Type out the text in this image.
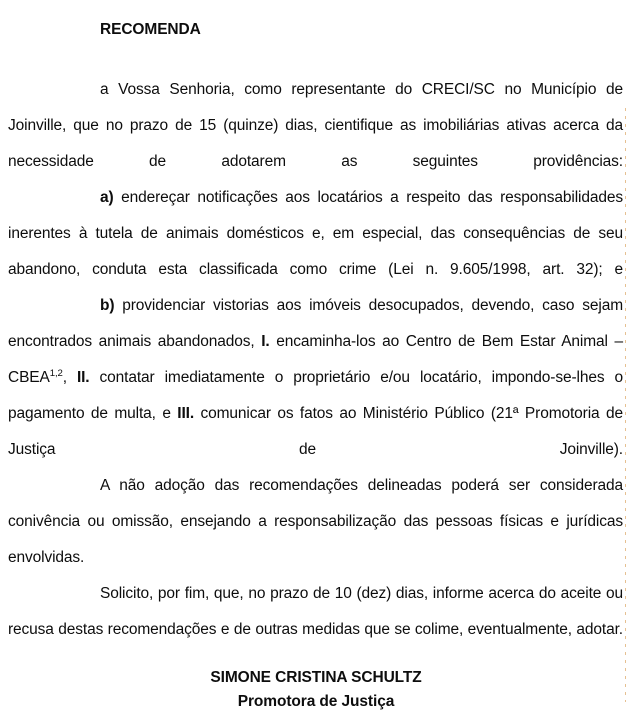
RECOMENDA

a Vossa Senhoria, como representante do CRECI/SC no Município de Joinville, que no prazo de 15 (quinze) dias, cientifique as imobiliárias ativas acerca da necessidade de adotarem as seguintes providências:

a) endereçar notificações aos locatários a respeito das responsabilidades inerentes à tutela de animais domésticos e, em especial, das consequências de seu abandono, conduta esta classificada como crime (Lei n. 9.605/1998, art. 32); e

b) providenciar vistorias aos imóveis desocupados, devendo, caso sejam encontrados animais abandonados, I. encaminha-los ao Centro de Bem Estar Animal – CBEA$^{1,2}$, II. contatar imediatamente o proprietário e/ou locatário, impondo-se-lhes o pagamento de multa, e III. comunicar os fatos ao Ministério Público (21ª Promotoria de Justiça de Joinville).

A não adoção das recomendações delineadas poderá ser considerada conivência ou omissão, ensejando a responsabilização das pessoas físicas e jurídicas envolvidas.

Solicito, por fim, que, no prazo de 10 (dez) dias, informe acerca do aceite ou recusa destas recomendações e de outras medidas que se colime, eventualmente, adotar.

SIMONE CRISTINA SCHULTZ
Promotora de Justiça
